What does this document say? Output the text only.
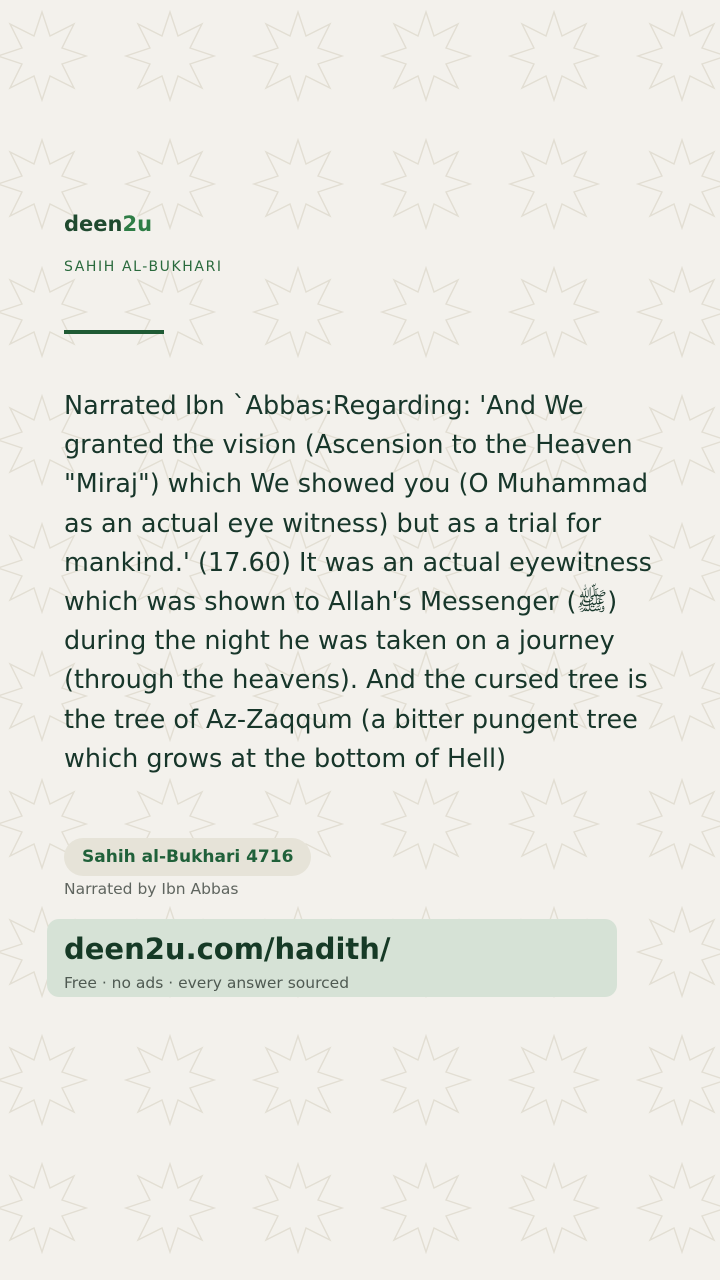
deen2u
SAHIH AL-BUKHARI
Narrated Ibn `Abbas:Regarding: 'And We granted the vision (Ascension to the Heaven "Miraj") which We showed you (O Muhammad as an actual eye witness) but as a trial for mankind.' (17.60) It was an actual eyewitness which was shown to Allah's Messenger (ﷺ) during the night he was taken on a journey (through the heavens). And the cursed tree is the tree of Az-Zaqqum (a bitter pungent tree which grows at the bottom of Hell)
Sahih al-Bukhari 4716
Narrated by Ibn Abbas
deen2u.com/hadith/
Free · no ads · every answer sourced
